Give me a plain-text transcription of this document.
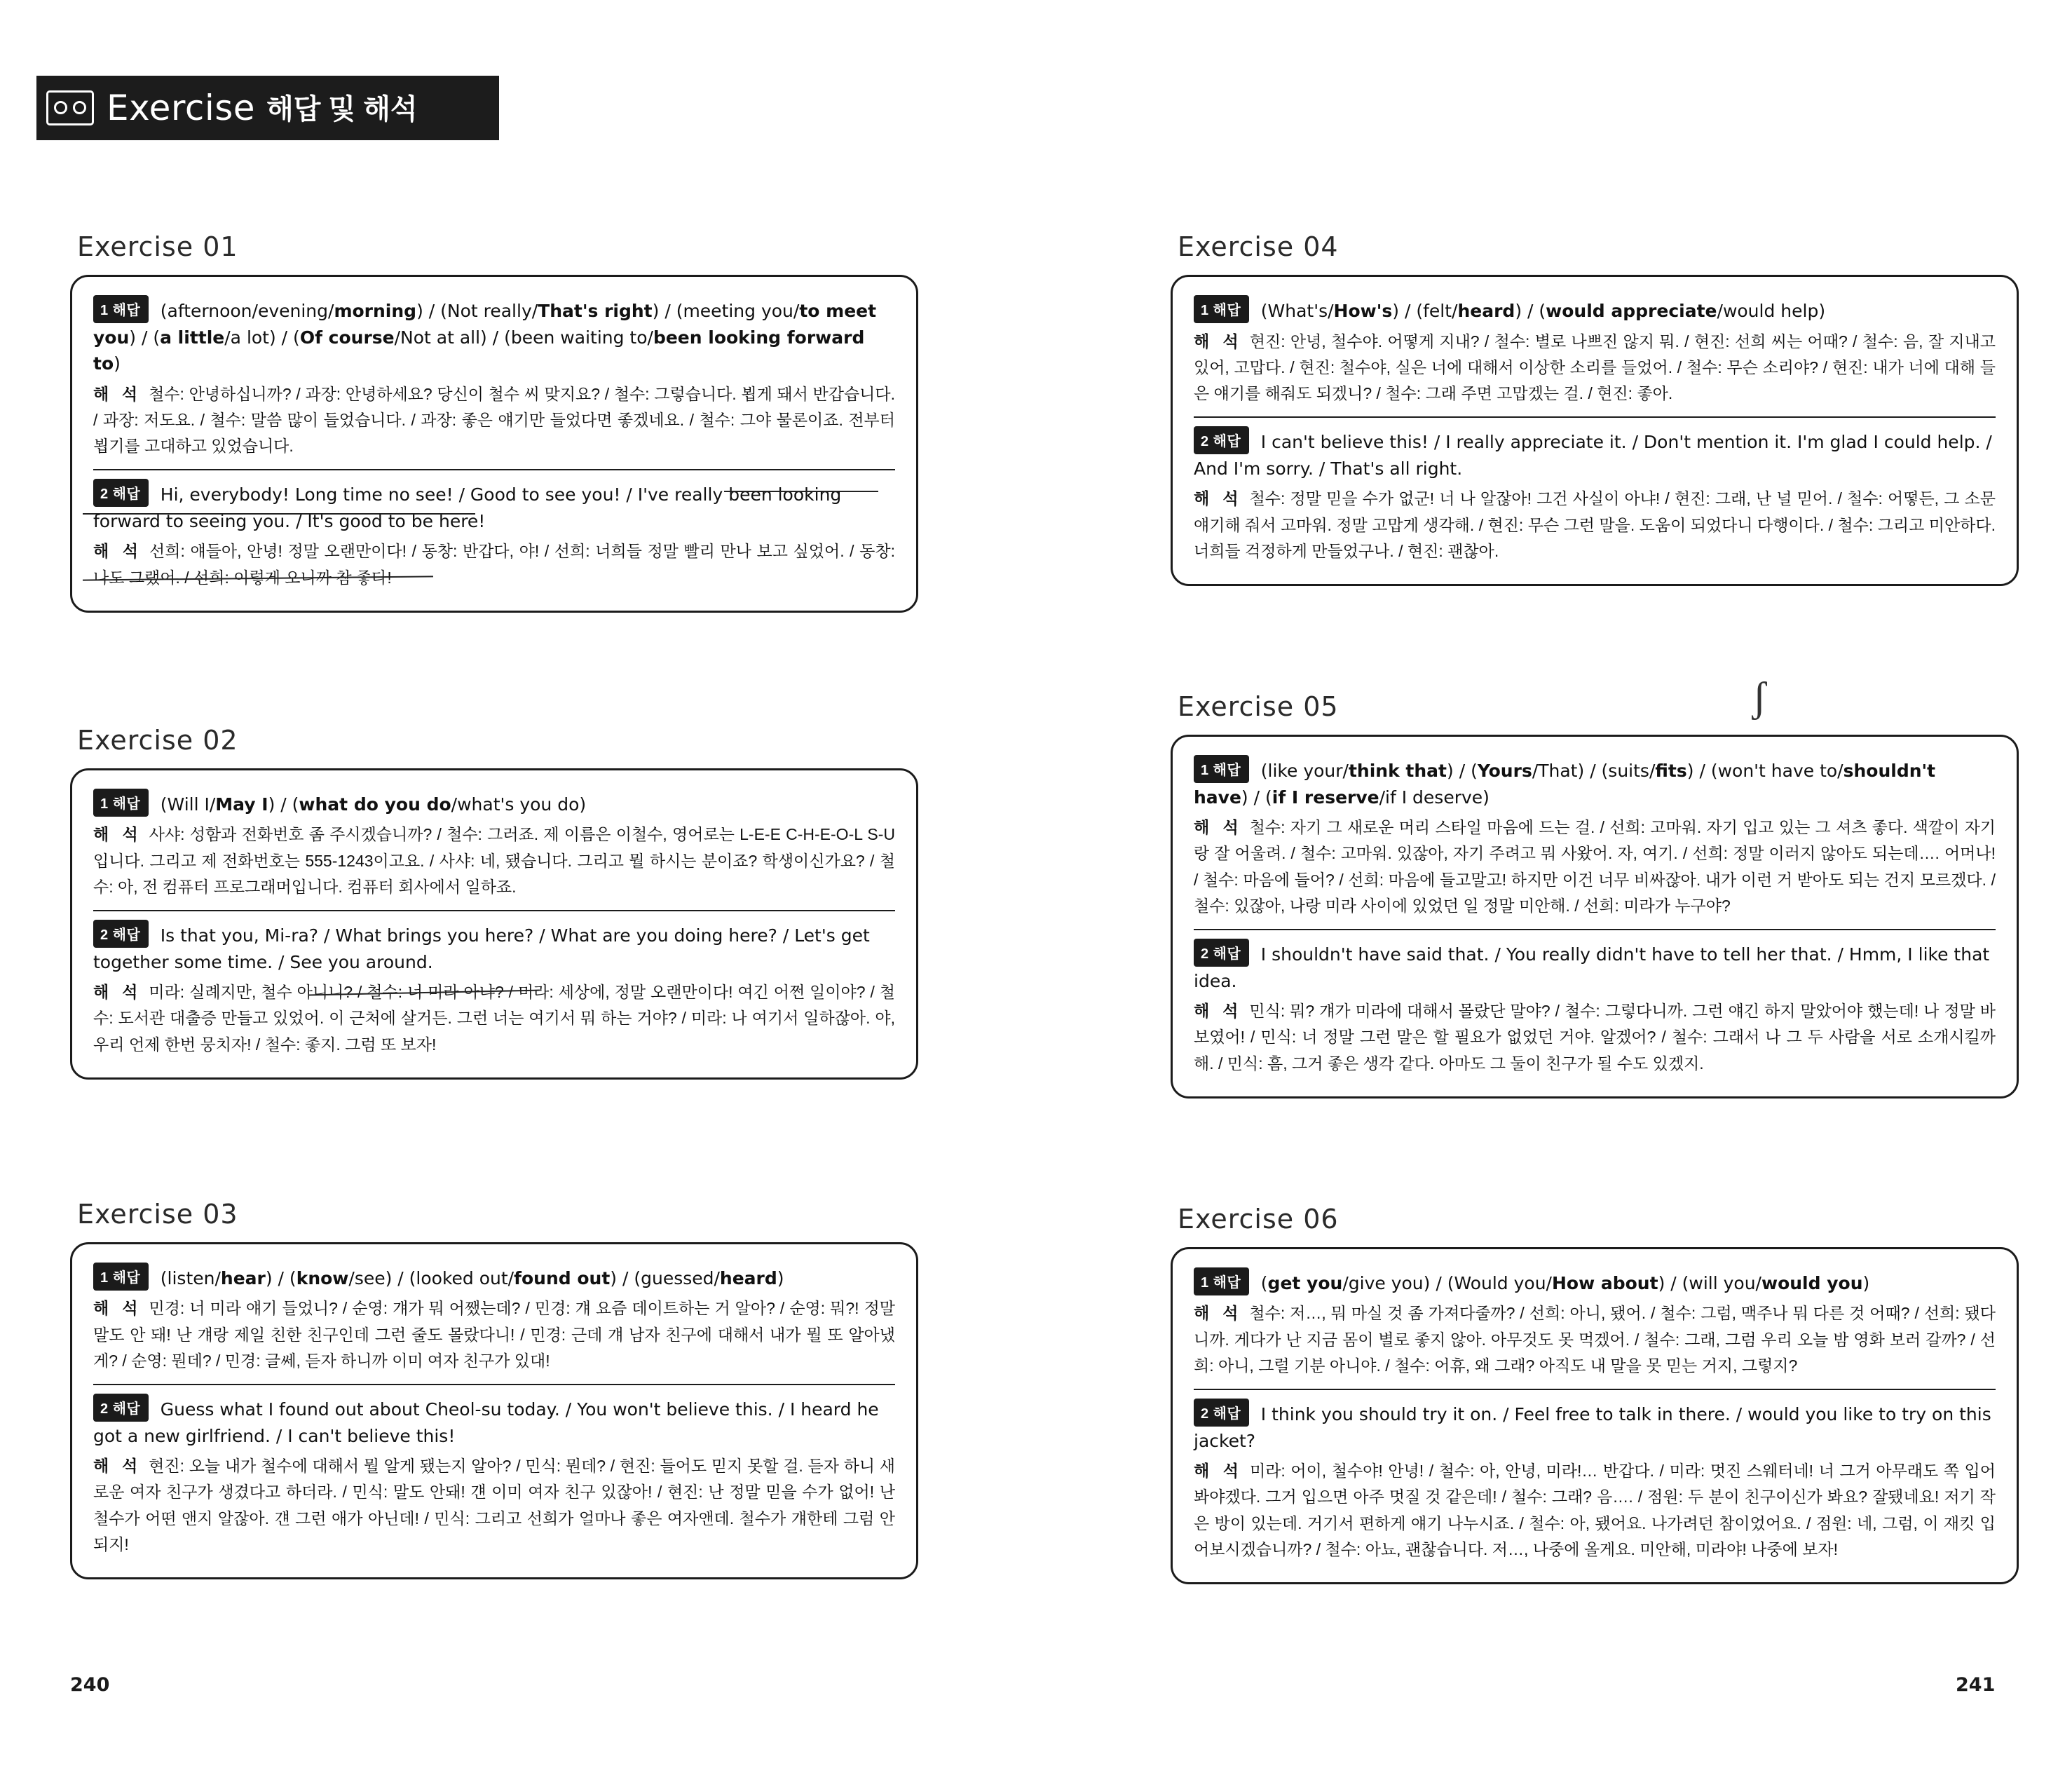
Exercise 해답 및 해석
Exercise 01
1 해답 (afternoon/evening/morning) / (Not really/That's right) / (meeting you/to meet you) / (a little/a lot) / (Of course/Not at all) / (been waiting to/been looking forward to)
해 석 철수: 안녕하십니까? / 과장: 안녕하세요? 당신이 철수 씨 맞지요? / 철수: 그렇습니다. 뵙게 돼서 반갑습니다. / 과장: 저도요. / 철수: 말씀 많이 들었습니다. / 과장: 좋은 얘기만 들었다면 좋겠네요. / 철수: 그야 물론이죠. 전부터 뵙기를 고대하고 있었습니다.
2 해답 Hi, everybody! Long time no see! / Good to see you! / I've really been looking forward to seeing you. / It's good to be here!
해 석 선희: 얘들아, 안녕! 정말 오랜만이다! / 동창: 반갑다, 야! / 선희: 너희들 정말 빨리 만나 보고 싶었어. / 동창: 나도 그랬어. / 선희: 이렇게 오니까 참 좋다!
Exercise 02
1 해답 (Will I/May I) / (what do you do/what's you do)
해 석 사샤: 성함과 전화번호 좀 주시겠습니까? / 철수: 그러죠. 제 이름은 이철수, 영어로는 L-E-E C-H-E-O-L S-U입니다. 그리고 제 전화번호는 555-1243이고요. / 사샤: 네, 됐습니다. 그리고 뭘 하시는 분이죠? 학생이신가요? / 철수: 아, 전 컴퓨터 프로그래머입니다. 컴퓨터 회사에서 일하죠.
2 해답 Is that you, Mi-ra? / What brings you here? / What are you doing here? / Let's get together some time. / See you around.
해 석 미라: 실례지만, 철수 아니니? / 철수: 너 미라 아냐? / 미라: 세상에, 정말 오랜만이다! 여긴 어쩐 일이야? / 철수: 도서관 대출증 만들고 있었어. 이 근처에 살거든. 그런 너는 여기서 뭐 하는 거야? / 미라: 나 여기서 일하잖아. 야, 우리 언제 한번 뭉치자! / 철수: 좋지. 그럼 또 보자!
Exercise 03
1 해답 (listen/hear) / (know/see) / (looked out/found out) / (guessed/heard)
해 석 민경: 너 미라 얘기 들었니? / 순영: 걔가 뭐 어쨌는데? / 민경: 걔 요즘 데이트하는 거 알아? / 순영: 뭐?! 정말 말도 안 돼! 난 걔랑 제일 친한 친구인데 그런 줄도 몰랐다니! / 민경: 근데 걔 남자 친구에 대해서 내가 뭘 또 알아냈게? / 순영: 뭔데? / 민경: 글쎄, 듣자 하니까 이미 여자 친구가 있대!
2 해답 Guess what I found out about Cheol-su today. / You won't believe this. / I heard he got a new girlfriend. / I can't believe this!
해 석 현진: 오늘 내가 철수에 대해서 뭘 알게 됐는지 알아? / 민식: 뭔데? / 현진: 들어도 믿지 못할 걸. 듣자 하니 새로운 여자 친구가 생겼다고 하더라. / 민식: 말도 안돼! 걘 이미 여자 친구 있잖아! / 현진: 난 정말 믿을 수가 없어! 난 철수가 어떤 앤지 알잖아. 걘 그런 애가 아닌데! / 민식: 그리고 선희가 얼마나 좋은 여자앤데. 철수가 걔한테 그럼 안 되지!
Exercise 04
1 해답 (What's/How's) / (felt/heard) / (would appreciate/would help)
해 석 현진: 안녕, 철수야. 어떻게 지내? / 철수: 별로 나쁘진 않지 뭐. / 현진: 선희 씨는 어때? / 철수: 음, 잘 지내고 있어, 고맙다. / 현진: 철수야, 실은 너에 대해서 이상한 소리를 들었어. / 철수: 무슨 소리야? / 현진: 내가 너에 대해 들은 얘기를 해줘도 되겠니? / 철수: 그래 주면 고맙겠는 걸. / 현진: 좋아.
2 해답 I can't believe this! / I really appreciate it. / Don't mention it. I'm glad I could help. / And I'm sorry. / That's all right.
해 석 철수: 정말 믿을 수가 없군! 너 나 알잖아! 그건 사실이 아냐! / 현진: 그래, 난 널 믿어. / 철수: 어떻든, 그 소문 얘기해 줘서 고마워. 정말 고맙게 생각해. / 현진: 무슨 그런 말을. 도움이 되었다니 다행이다. / 철수: 그리고 미안하다. 너희들 걱정하게 만들었구나. / 현진: 괜찮아.
Exercise 05
1 해답 (like your/think that) / (Yours/That) / (suits/fits) / (won't have to/shouldn't have) / (if I reserve/if I deserve)
해 석 철수: 자기 그 새로운 머리 스타일 마음에 드는 걸. / 선희: 고마워. 자기 입고 있는 그 셔츠 좋다. 색깔이 자기랑 잘 어울려. / 철수: 고마워. 있잖아, 자기 주려고 뭐 사왔어. 자, 여기. / 선희: 정말 이러지 않아도 되는데…. 어머나! / 철수: 마음에 들어? / 선희: 마음에 들고말고! 하지만 이건 너무 비싸잖아. 내가 이런 거 받아도 되는 건지 모르겠다. / 철수: 있잖아, 나랑 미라 사이에 있었던 일 정말 미안해. / 선희: 미라가 누구야?
2 해답 I shouldn't have said that. / You really didn't have to tell her that. / Hmm, I like that idea.
해 석 민식: 뭐? 걔가 미라에 대해서 몰랐단 말야? / 철수: 그렇다니까. 그런 얘긴 하지 말았어야 했는데! 나 정말 바보였어! / 민식: 너 정말 그런 말은 할 필요가 없었던 거야. 알겠어? / 철수: 그래서 나 그 두 사람을 서로 소개시킬까 해. / 민식: 흠, 그거 좋은 생각 같다. 아마도 그 둘이 친구가 될 수도 있겠지.
Exercise 06
1 해답 (get you/give you) / (Would you/How about) / (will you/would you)
해 석 철수: 저…, 뭐 마실 것 좀 가져다줄까? / 선희: 아니, 됐어. / 철수: 그럼, 맥주나 뭐 다른 것 어때? / 선희: 됐다니까. 게다가 난 지금 몸이 별로 좋지 않아. 아무것도 못 먹겠어. / 철수: 그래, 그럼 우리 오늘 밤 영화 보러 갈까? / 선희: 아니, 그럴 기분 아니야. / 철수: 어휴, 왜 그래? 아직도 내 말을 못 믿는 거지, 그렇지?
2 해답 I think you should try it on. / Feel free to talk in there. / would you like to try on this jacket?
해 석 미라: 어이, 철수야! 안녕! / 철수: 아, 안녕, 미라!… 반갑다. / 미라: 멋진 스웨터네! 너 그거 아무래도 쪽 입어 봐야겠다. 그거 입으면 아주 멋질 것 같은데! / 철수: 그래? 음…. / 점원: 두 분이 친구이신가 봐요? 잘됐네요! 저기 작은 방이 있는데. 거기서 편하게 얘기 나누시죠. / 철수: 아, 됐어요. 나가려던 참이었어요. / 점원: 네, 그럼, 이 재킷 입어보시겠습니까? / 철수: 아뇨, 괜찮습니다. 저…, 나중에 올게요. 미안해, 미라야! 나중에 보자!
240	241
ʃ
